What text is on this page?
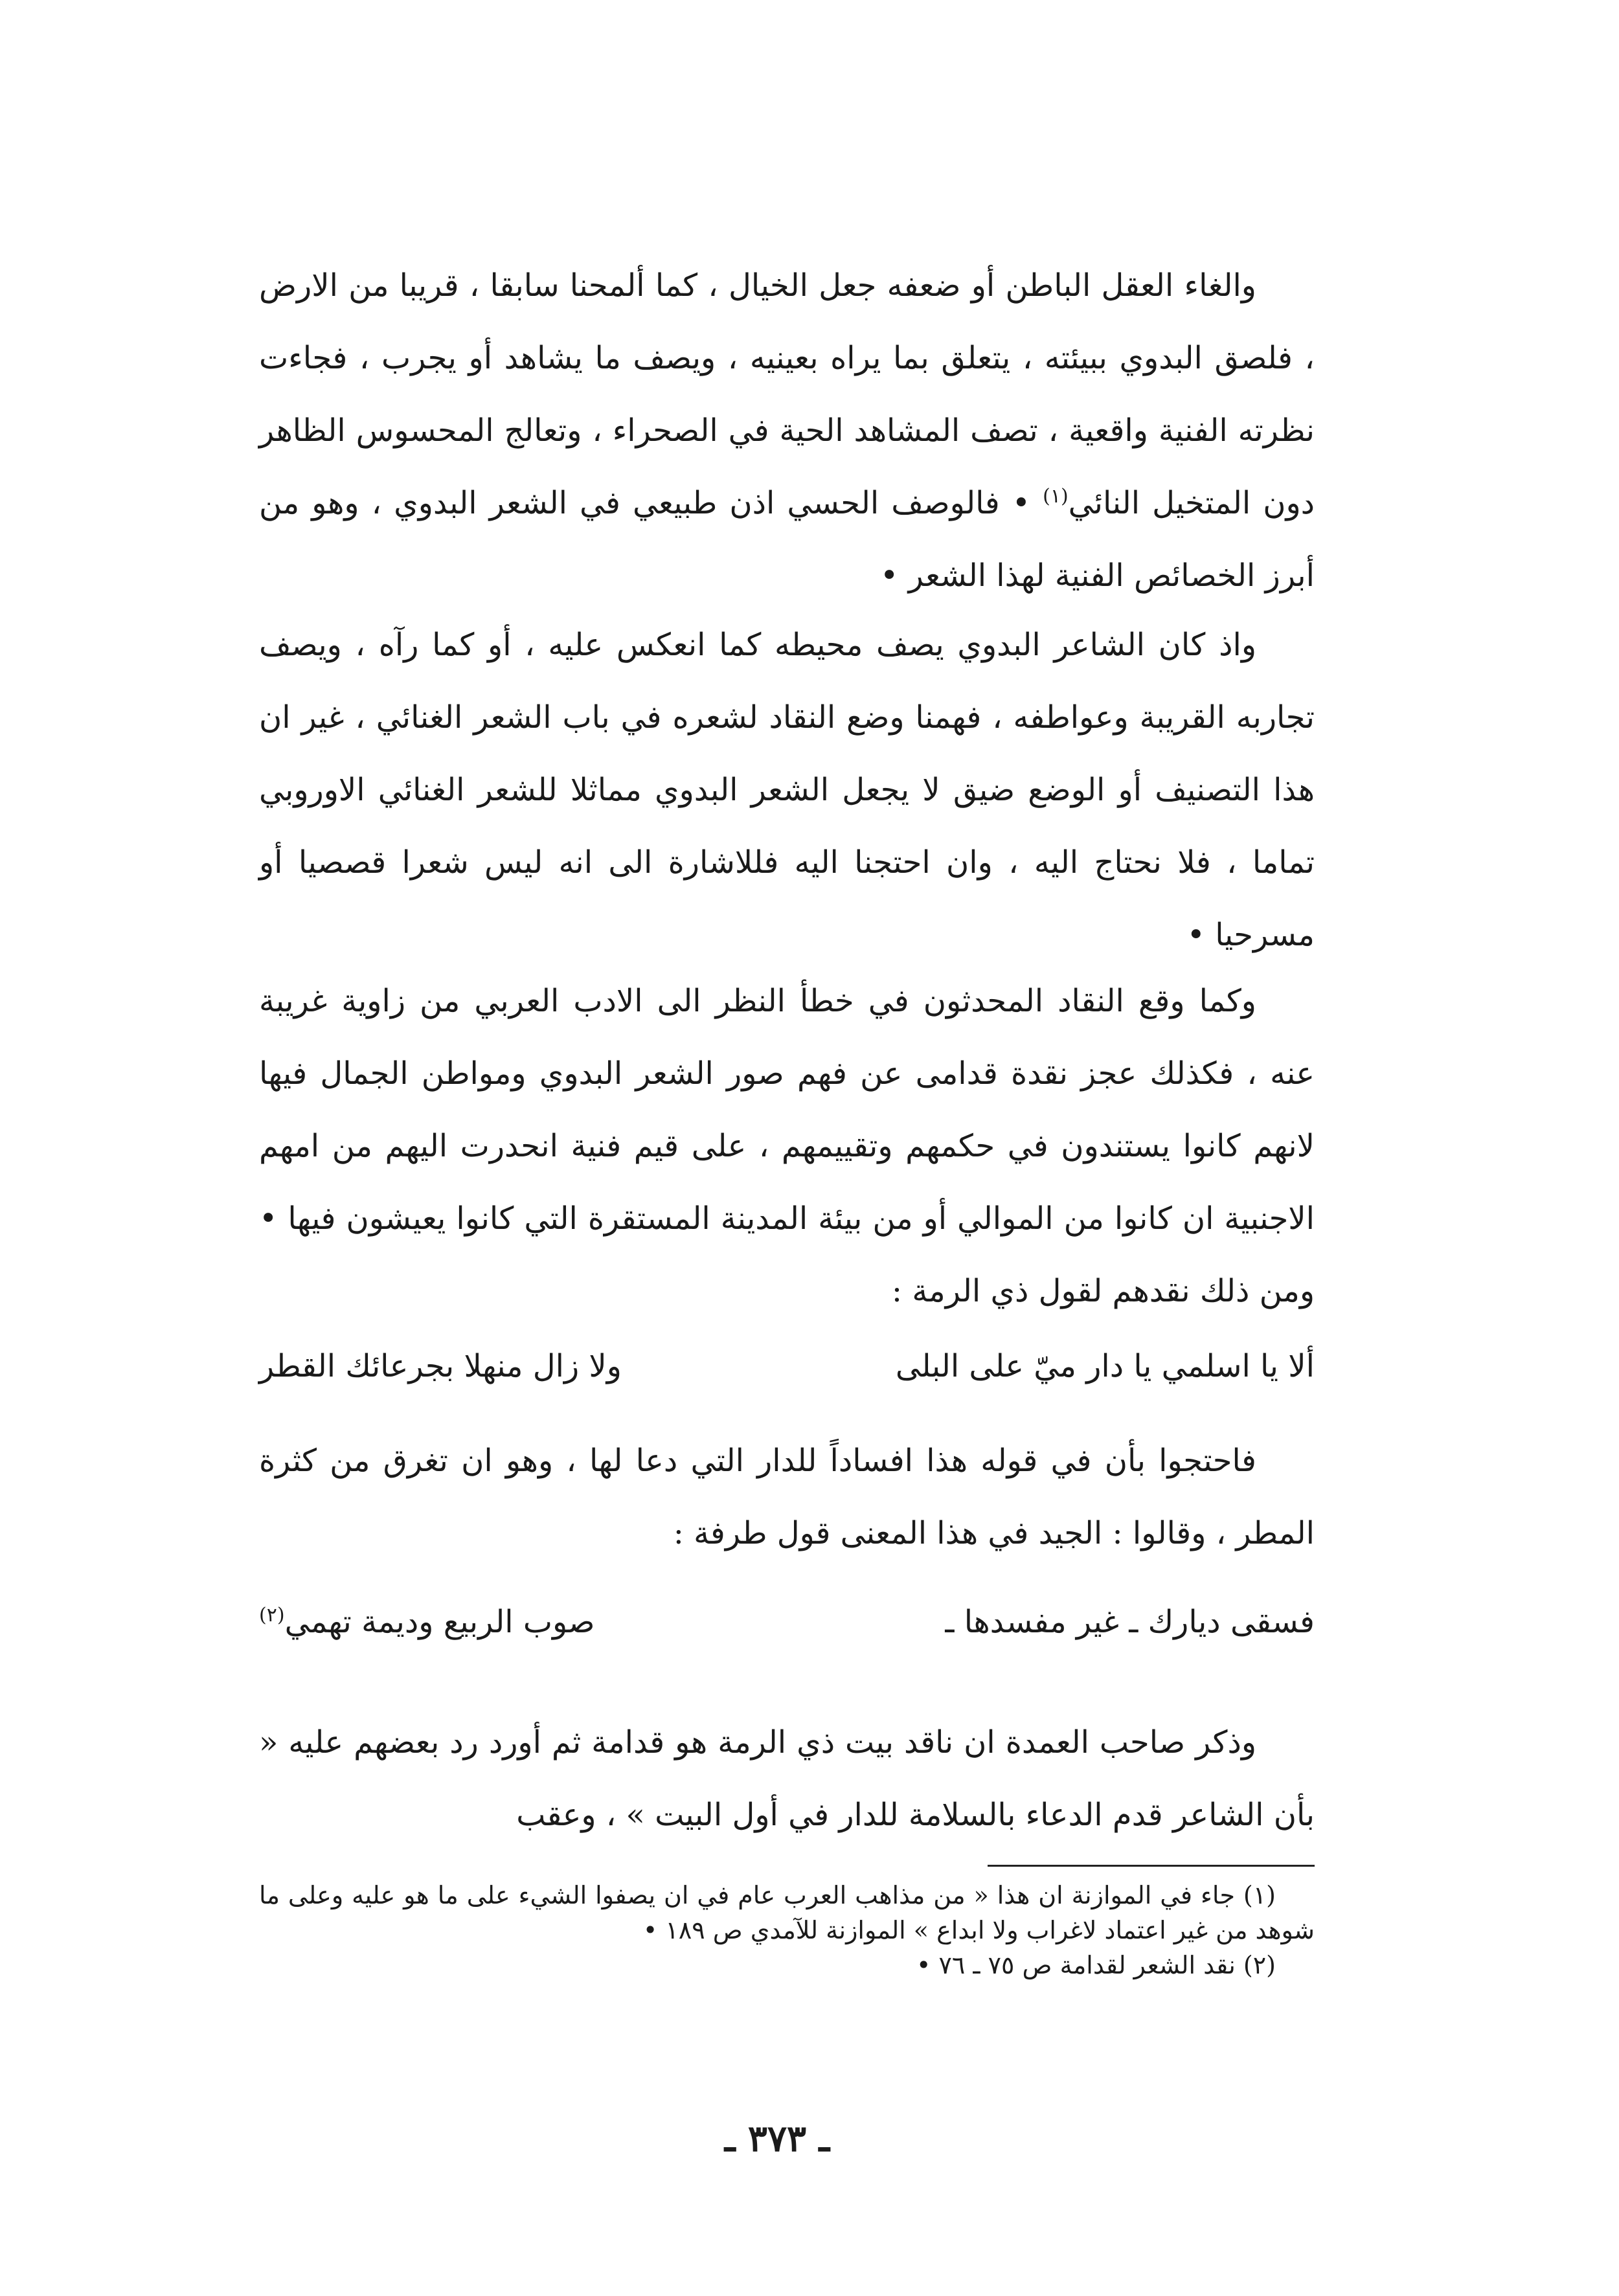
والغاء العقل الباطن أو ضعفه جعل الخيال ، كما ألمحنا سابقا ، قريبا من الارض ، فلصق البدوي ببيئته ، يتعلق بما يراه بعينيه ، ويصف ما يشاهد أو يجرب ، فجاءت نظرته الفنية واقعية ، تصف المشاهد الحية في الصحراء ، وتعالج المحسوس الظاهر دون المتخيل النائي$^{(١)}$ • فالوصف الحسي اذن طبيعي في الشعر البدوي ، وهو من أبرز الخصائص الفنية لهذا الشعر •
واذ كان الشاعر البدوي يصف محيطه كما انعكس عليه ، أو كما رآه ، ويصف تجاربه القريبة وعواطفه ، فهمنا وضع النقاد لشعره في باب الشعر الغنائي ، غير ان هذا التصنيف أو الوضع ضيق لا يجعل الشعر البدوي مماثلا للشعر الغنائي الاوروبي تماما ، فلا نحتاج اليه ، وان احتجنا اليه فللاشارة الى انه ليس شعرا قصصيا أو مسرحيا •
وكما وقع النقاد المحدثون في خطأ النظر الى الادب العربي من زاوية غريبة عنه ، فكذلك عجز نقدة قدامى عن فهم صور الشعر البدوي ومواطن الجمال فيها لانهم كانوا يستندون في حكمهم وتقييمهم ، على قيم فنية انحدرت اليهم من امهم الاجنبية ان كانوا من الموالي أو من بيئة المدينة المستقرة التي كانوا يعيشون فيها • ومن ذلك نقدهم لقول ذي الرمة :
ألا يا اسلمي يا دار ميّ على البلى
ولا زال منهلا بجرعائك القطر
فاحتجوا بأن في قوله هذا افساداً للدار التي دعا لها ، وهو ان تغرق من كثرة المطر ، وقالوا : الجيد في هذا المعنى قول طرفة :
فسقى ديارك ـ غير مفسدها ـ
صوب الربيع وديمة تهمي$^{(٢)}$
وذكر صاحب العمدة ان ناقد بيت ذي الرمة هو قدامة ثم أورد رد بعضهم عليه « بأن الشاعر قدم الدعاء بالسلامة للدار في أول البيت » ، وعقب

(١) جاء في الموازنة ان هذا « من مذاهب العرب عام في ان يصفوا الشيء على ما هو عليه وعلى ما شوهد من غير اعتماد لاغراب ولا ابداع » الموازنة للآمدي ص ١٨٩ •

(٢) نقد الشعر لقدامة ص ٧٥ ـ ٧٦ •

ـ ٣٧٣ ـ
